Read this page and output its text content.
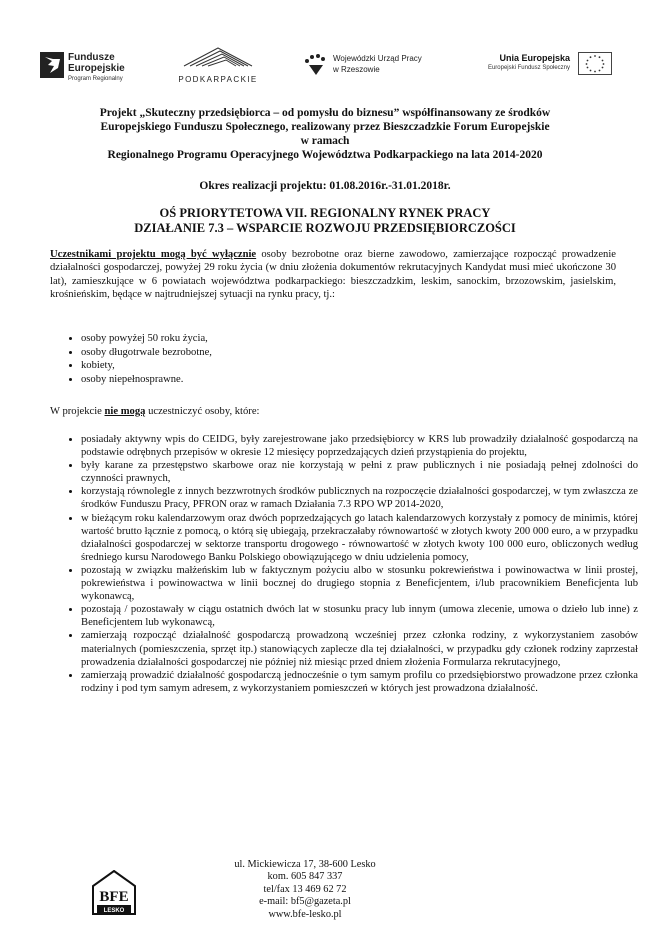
Fundusze
Europejskie
Program Regionalny	PODKARPACKIE
Wojewódzki Urząd Pracy
w Rzeszowie
Unia Europejska
Europejski Fundusz Społeczny
Projekt „Skuteczny przedsiębiorca – od pomysłu do biznesu” współfinansowany ze środków
Europejskiego Funduszu Społecznego, realizowany przez Bieszczadzkie Forum Europejskie
w ramach
Regionalnego Programu Operacyjnego Województwa Podkarpackiego na lata 2014-2020
Okres realizacji projektu: 01.08.2016r.-31.01.2018r.
OŚ PRIORYTETOWA VII. REGIONALNY RYNEK PRACY
DZIAŁANIE 7.3 – WSPARCIE ROZWOJU PRZEDSIĘBIORCZOŚCI
Uczestnikami projektu mogą być wyłącznie osoby bezrobotne oraz bierne zawodowo, zamierzające rozpocząć prowadzenie działalności gospodarczej, powyżej 29 roku życia (w dniu złożenia dokumentów rekrutacyjnych Kandydat musi mieć ukończone 30 lat), zamieszkujące w 6 powiatach województwa podkarpackiego: bieszczadzkim, leskim, sanockim, brzozowskim, jasielskim, krośnieńskim, będące w najtrudniejszej sytuacji na rynku pracy, tj.:
• osoby powyżej 50 roku życia,
• osoby długotrwale bezrobotne,
• kobiety,
• osoby niepełnosprawne.
W projekcie nie mogą uczestniczyć osoby, które:
• posiadały aktywny wpis do CEIDG, były zarejestrowane jako przedsiębiorcy w KRS lub prowadziły działalność gospodarczą na podstawie odrębnych przepisów w okresie 12 miesięcy poprzedzających dzień przystąpienia do projektu,
• były karane za przestępstwo skarbowe oraz nie korzystają w pełni z praw publicznych i nie posiadają pełnej zdolności do czynności prawnych,
• korzystają równolegle z innych bezzwrotnych środków publicznych na rozpoczęcie działalności gospodarczej, w tym zwłaszcza ze środków Funduszu Pracy, PFRON oraz w ramach Działania 7.3 RPO WP 2014-2020,
• w bieżącym roku kalendarzowym oraz dwóch poprzedzających go latach kalendarzowych korzystały z pomocy de minimis, której wartość brutto łącznie z pomocą, o którą się ubiegają, przekraczałaby równowartość w złotych kwoty 200 000 euro, a w przypadku działalności gospodarczej w sektorze transportu drogowego - równowartość w złotych kwoty 100 000 euro, obliczonych według średniego kursu Narodowego Banku Polskiego obowiązującego w dniu udzielenia pomocy,
• pozostają w związku małżeńskim lub w faktycznym pożyciu albo w stosunku pokrewieństwa i powinowactwa w linii prostej, pokrewieństwa i powinowactwa w linii bocznej do drugiego stopnia z Beneficjentem, i/lub pracownikiem Beneficjenta lub wykonawcą,
• pozostają / pozostawały w ciągu ostatnich dwóch lat w stosunku pracy lub innym (umowa zlecenie, umowa o dzieło lub inne) z Beneficjentem lub wykonawcą,
• zamierzają rozpocząć działalność gospodarczą prowadzoną wcześniej przez członka rodziny, z wykorzystaniem zasobów materialnych (pomieszczenia, sprzęt itp.) stanowiących zaplecze dla tej działalności, w przypadku gdy członek rodziny zaprzestał prowadzenia działalności gospodarczej nie później niż miesiąc przed dniem złożenia Formularza rekrutacyjnego,
• zamierzają prowadzić działalność gospodarczą jednocześnie o tym samym profilu co przedsiębiorstwo prowadzone przez członka rodziny i pod tym samym adresem, z wykorzystaniem pomieszczeń w których jest prowadzona działalność.
BFE
LESKO
ul. Mickiewicza 17, 38-600 Lesko
kom. 605 847 337
tel/fax 13 469 62 72
e-mail: bf5@gazeta.pl
www.bfe-lesko.pl
